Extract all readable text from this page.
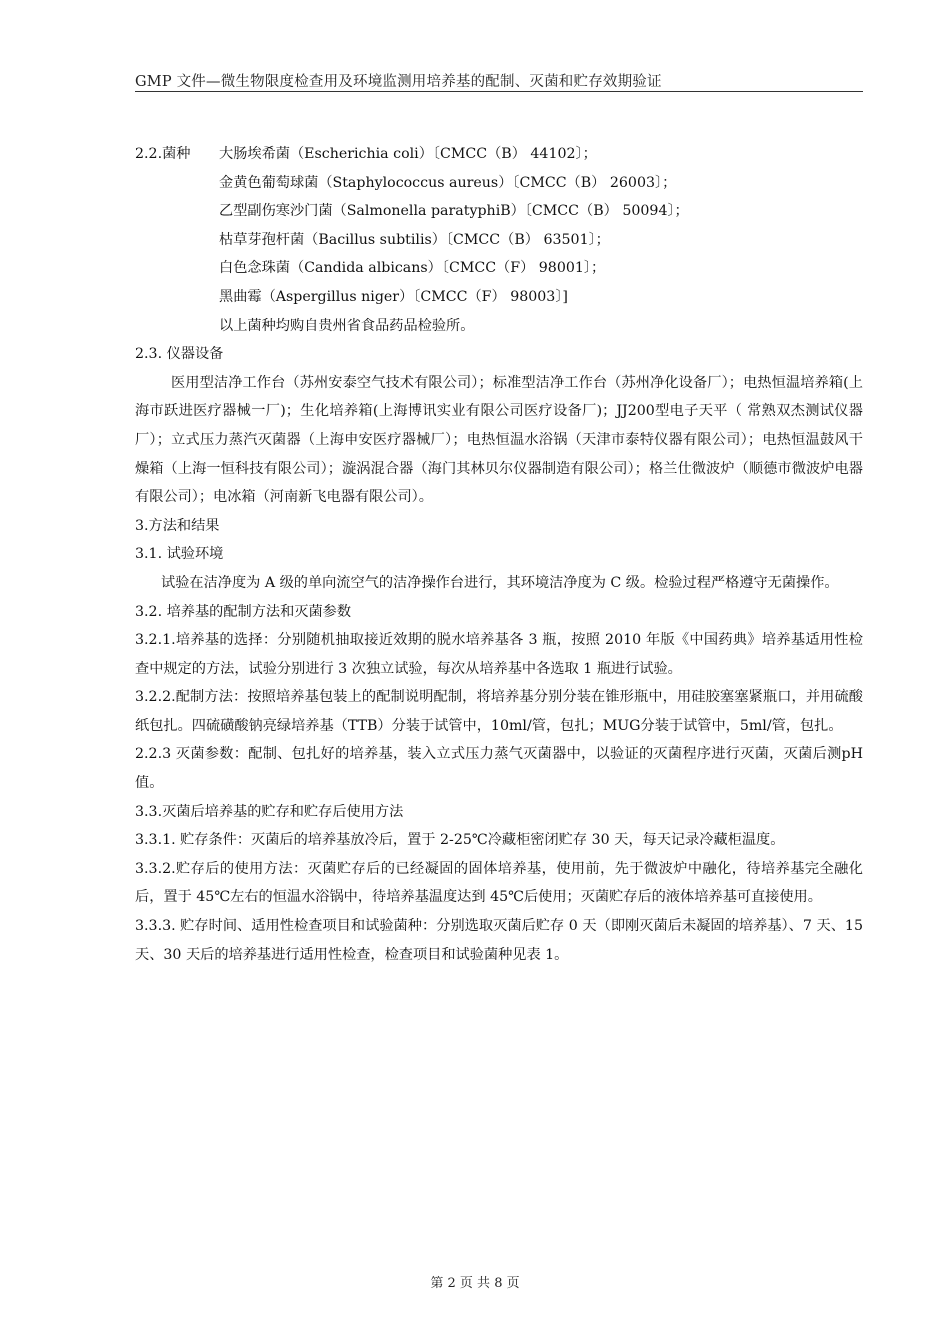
GMP 文件—微生物限度检查用及环境监测用培养基的配制、灭菌和贮存效期验证
2.2.菌种	大肠埃希菌（Escherichia coli）〔CMCC（B） 44102〕；

金黄色葡萄球菌（Staphylococcus aureus）〔CMCC（B） 26003〕；

乙型副伤寒沙门菌（Salmonella paratyphiB）〔CMCC（B） 50094〕；

枯草芽孢杆菌（Bacillus subtilis）〔CMCC（B） 63501〕；

白色念珠菌（Candida albicans）〔CMCC（F） 98001〕；

黑曲霉（Aspergillus niger）〔CMCC（F） 98003〕]

以上菌种均购自贵州省食品药品检验所。

2.3. 仪器设备

医用型洁净工作台（苏州安泰空气技术有限公司）；标准型洁净工作台（苏州净化设备厂）；电热恒温培养箱(上海市跃进医疗器械一厂)；生化培养箱(上海博讯实业有限公司医疗设备厂)；JJ200型电子天平（ 常熟双杰测试仪器厂）；立式压力蒸汽灭菌器（上海申安医疗器械厂）；电热恒温水浴锅（天津市泰特仪器有限公司）；电热恒温鼓风干燥箱（上海一恒科技有限公司）；漩涡混合器（海门其林贝尔仪器制造有限公司）；格兰仕微波炉（顺德市微波炉电器有限公司）；电冰箱（河南新飞电器有限公司）。

3.方法和结果

3.1. 试验环境

试验在洁净度为 A 级的单向流空气的洁净操作台进行，其环境洁净度为 C 级。检验过程严格遵守无菌操作。

3.2. 培养基的配制方法和灭菌参数

3.2.1.培养基的选择：分别随机抽取接近效期的脱水培养基各 3 瓶，按照 2010 年版《中国药典》培养基适用性检查中规定的方法，试验分别进行 3 次独立试验，每次从培养基中各选取 1 瓶进行试验。

3.2.2.配制方法：按照培养基包装上的配制说明配制，将培养基分别分装在锥形瓶中，用硅胶塞塞紧瓶口，并用硫酸纸包扎。四硫磺酸钠亮绿培养基（TTB）分装于试管中，10ml/管，包扎；MUG分装于试管中，5ml/管，包扎。

2.2.3 灭菌参数：配制、包扎好的培养基，装入立式压力蒸气灭菌器中，以验证的灭菌程序进行灭菌，灭菌后测pH值。

3.3.灭菌后培养基的贮存和贮存后使用方法

3.3.1. 贮存条件：灭菌后的培养基放冷后，置于 2-25℃冷藏柜密闭贮存 30 天，每天记录冷藏柜温度。

3.3.2.贮存后的使用方法：灭菌贮存后的已经凝固的固体培养基，使用前，先于微波炉中融化，待培养基完全融化后，置于 45℃左右的恒温水浴锅中，待培养基温度达到 45℃后使用；灭菌贮存后的液体培养基可直接使用。

3.3.3. 贮存时间、适用性检查项目和试验菌种：分别选取灭菌后贮存 0 天（即刚灭菌后未凝固的培养基）、7 天、15 天、30 天后的培养基进行适用性检查，检查项目和试验菌种见表 1。

第 2 页 共 8 页
